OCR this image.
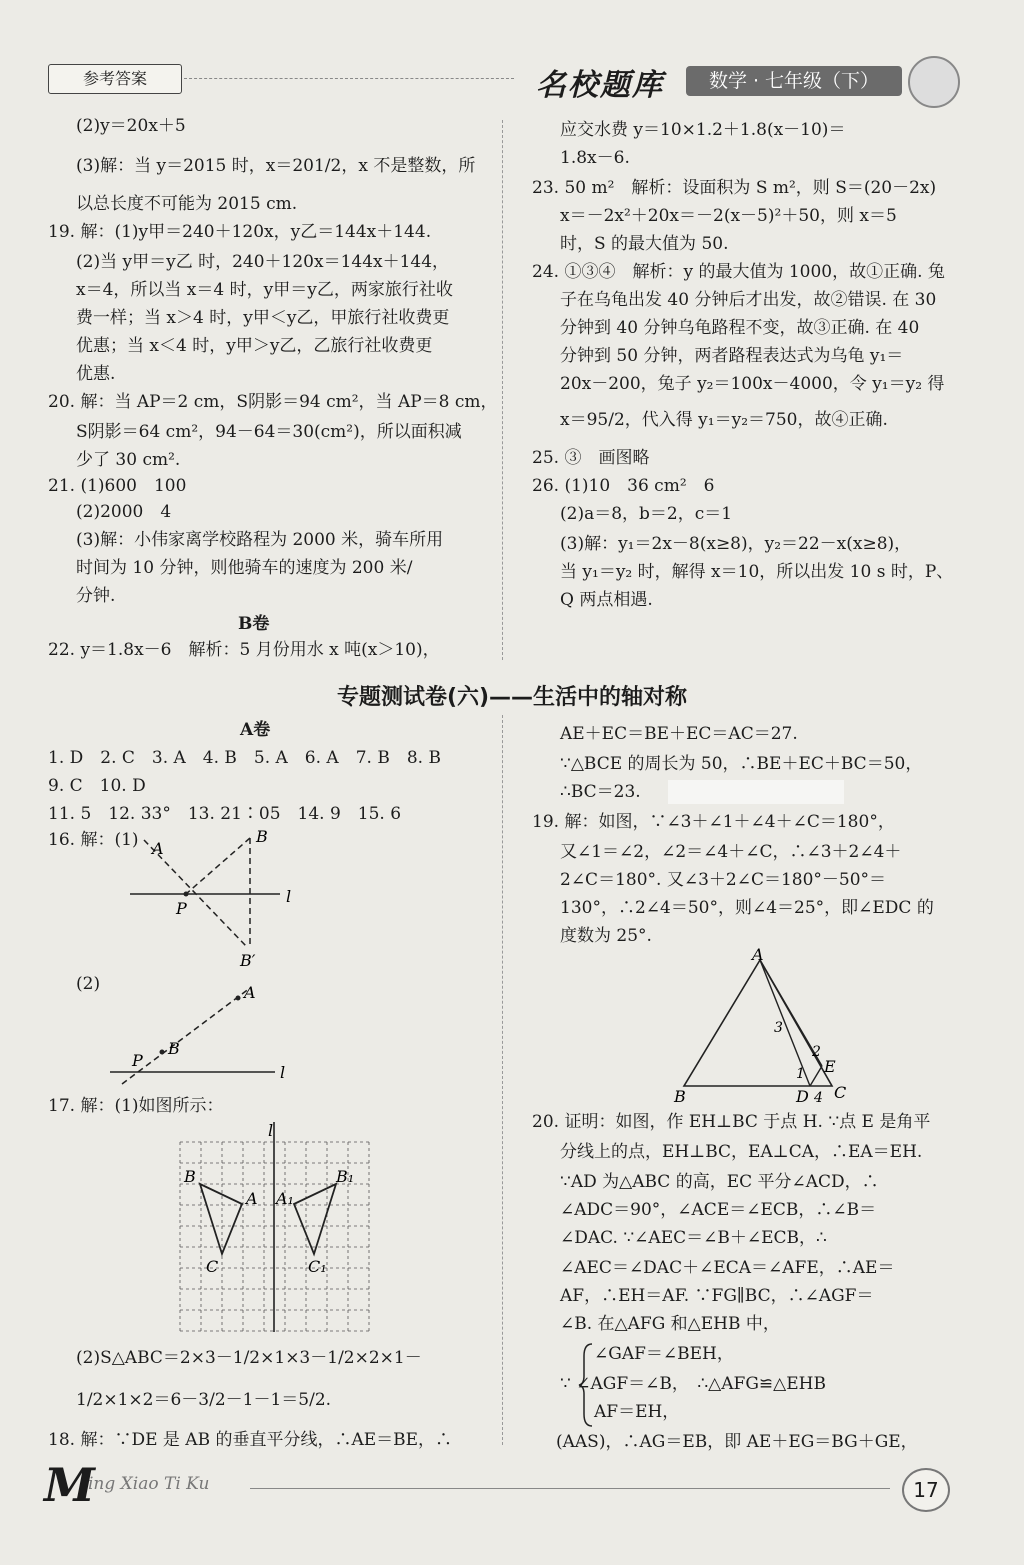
参考答案	名校题库	数学 · 七年级（下）
(2)y＝20x＋5
(3)解：当 y＝2015 时，x＝201/2，x 不是整数，所
以总长度不可能为 2015 cm.
19. 解：(1)y甲＝240＋120x，y乙＝144x＋144.
(2)当 y甲＝y乙 时，240＋120x＝144x＋144，
x＝4，所以当 x＝4 时，y甲＝y乙，两家旅行社收
费一样；当 x＞4 时，y甲＜y乙，甲旅行社收费更
优惠；当 x＜4 时，y甲＞y乙，乙旅行社收费更
优惠.
20. 解：当 AP＝2 cm，S阴影＝94 cm²，当 AP＝8 cm，
S阴影＝64 cm²，94－64＝30(cm²)，所以面积减
少了 30 cm².
21. (1)600　100
(2)2000　4
(3)解：小伟家离学校路程为 2000 米，骑车所用
时间为 10 分钟，则他骑车的速度为 200 米/
分钟.
B卷
22. y＝1.8x－6　解析：5 月份用水 x 吨(x＞10)，
应交水费 y＝10×1.2＋1.8(x－10)＝
1.8x－6.
23. 50 m²　解析：设面积为 S m²，则 S＝(20－2x)
x＝－2x²＋20x＝－2(x－5)²＋50，则 x＝5
时，S 的最大值为 50.
24. ①③④　解析：y 的最大值为 1000，故①正确. 兔
子在乌龟出发 40 分钟后才出发，故②错误. 在 30
分钟到 40 分钟乌龟路程不变，故③正确. 在 40
分钟到 50 分钟，两者路程表达式为乌龟 y₁＝
20x－200，兔子 y₂＝100x－4000，令 y₁＝y₂ 得
x＝95/2，代入得 y₁＝y₂＝750，故④正确.
25. ③　画图略
26. (1)10　36 cm²　6
(2)a＝8，b＝2，c＝1
(3)解：y₁＝2x－8(x≥8)，y₂＝22－x(x≥8)，
当 y₁＝y₂ 时，解得 x＝10，所以出发 10 s 时，P、
Q 两点相遇.
专题测试卷(六)——生活中的轴对称
A卷
1. D　2. C　3. A　4. B　5. A　6. A　7. B　8. B
9. C　10. D
11. 5　12. 33°　13. 21∶05　14. 9　15. 6
16. 解：(1) A
B
P
B′
l
(2)	A
B
P
l
17. 解：(1)如图所示：
l
B
A
C
A₁
B₁
C₁
(2)S△ABC＝2×3－1/2×1×3－1/2×2×1－
1/2×1×2＝6－3/2－1－1＝5/2.
18. 解：∵DE 是 AB 的垂直平分线，∴AE＝BE，∴
AE＋EC＝BE＋EC＝AC＝27.
∵△BCE 的周长为 50，∴BE＋EC＋BC＝50，
∴BC＝23.
19. 解：如图，∵∠3＋∠1＋∠4＋∠C＝180°，
又∠1＝∠2，∠2＝∠4＋∠C，∴∠3＋2∠4＋
2∠C＝180°. 又∠3＋2∠C＝180°－50°＝
130°，∴2∠4＝50°，则∠4＝25°，即∠EDC 的
度数为 25°.
A
B	C
D
E
1
2
3
4
20. 证明：如图，作 EH⊥BC 于点 H. ∵点 E 是角平
分线上的点，EH⊥BC，EA⊥CA，∴EA＝EH.
∵AD 为△ABC 的高，EC 平分∠ACD，∴
∠ADC＝90°，∠ACE＝∠ECB，∴∠B＝
∠DAC. ∵∠AEC＝∠B＋∠ECB，∴
∠AEC＝∠DAC＋∠ECA＝∠AFE，∴AE＝
AF，∴EH＝AF. ∵FG∥BC，∴∠AGF＝
∠B. 在△AFG 和△EHB 中，
∠GAF＝∠BEH，
∵ ∠AGF＝∠B，　∴△AFG≌△EHB
AF＝EH，
(AAS)，∴AG＝EB，即 AE＋EG＝BG＋GE，
M
ing Xiao Ti Ku	17
